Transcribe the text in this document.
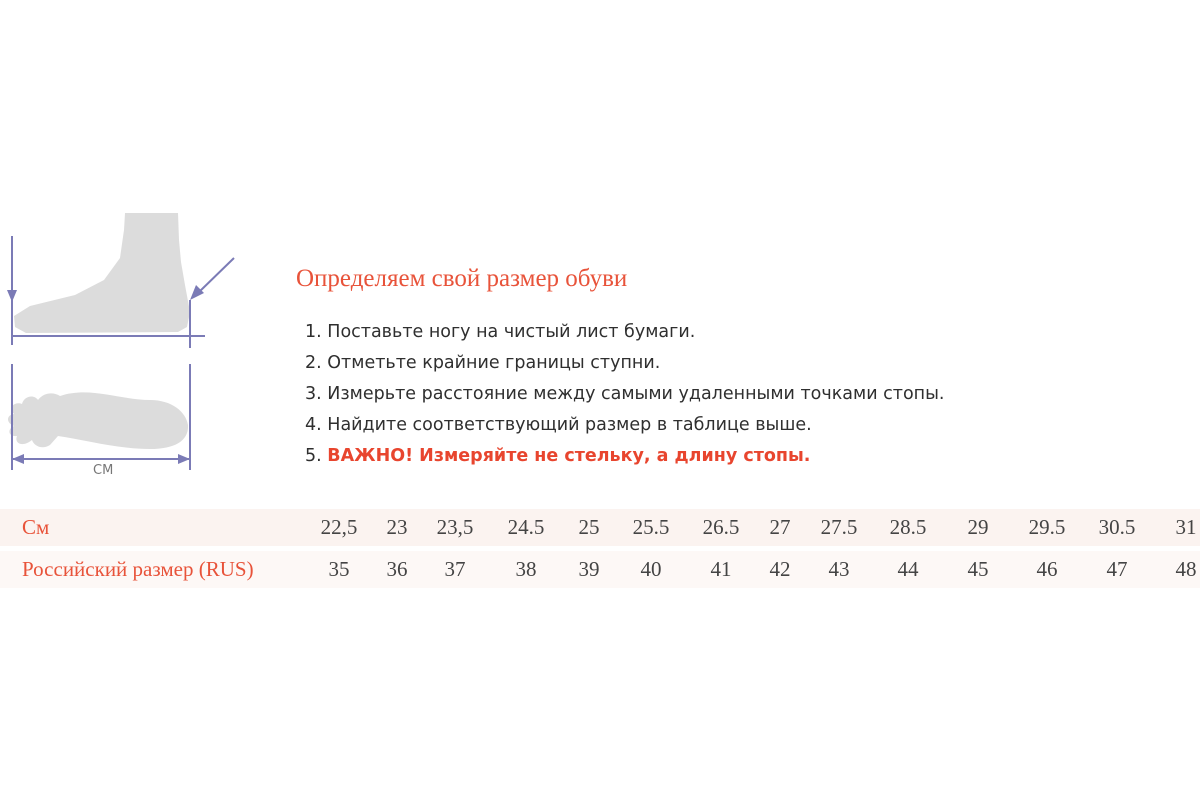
СМ
Определяем свой размер обуви
1. Поставьте ногу на чистый лист бумаги.
2. Отметьте крайние границы ступни.
3. Измерьте расстояние между самыми удаленными точками стопы.
4. Найдите соответствующий размер в таблице выше.
5. ВАЖНО! Измеряйте не стельку, а длину стопы.
См	22,5 23 23,5 24.5 25 25.5 26.5 27 27.5 28.5 29 29.5 30.5 31
Российский размер (RUS)	35 36 37 38 39 40 41 42 43 44 45 46 47 48
